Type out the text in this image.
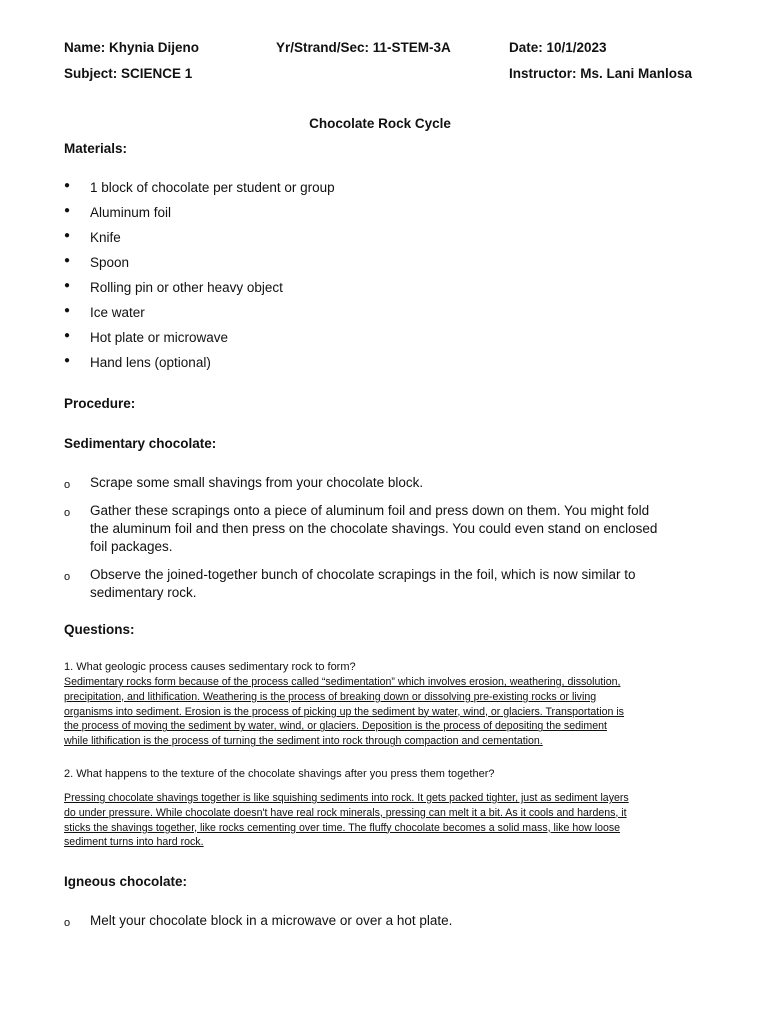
Name: Khynia Dijeno	Yr/Strand/Sec: 11-STEM-3A	Date: 10/1/2023
Subject: SCIENCE 1	Instructor: Ms. Lani Manlosa
Chocolate Rock Cycle
Materials:
● 1 block of chocolate per student or group
● Aluminum foil
● Knife
● Spoon
● Rolling pin or other heavy object
● Ice water
● Hot plate or microwave
● Hand lens (optional)
Procedure:
Sedimentary chocolate:
o Scrape some small shavings from your chocolate block.
o Gather these scrapings onto a piece of aluminum foil and press down on them. You might fold
the aluminum foil and then press on the chocolate shavings. You could even stand on enclosed
foil packages.
o Observe the joined-together bunch of chocolate scrapings in the foil, which is now similar to
sedimentary rock.
Questions:
1. What geologic process causes sedimentary rock to form?
Sedimentary rocks form because of the process called “sedimentation” which involves erosion, weathering, dissolution,
precipitation, and lithification. Weathering is the process of breaking down or dissolving pre-existing rocks or living
organisms into sediment. Erosion is the process of picking up the sediment by water, wind, or glaciers. Transportation is
the process of moving the sediment by water, wind, or glaciers. Deposition is the process of depositing the sediment
while lithification is the process of turning the sediment into rock through compaction and cementation.
2. What happens to the texture of the chocolate shavings after you press them together?
Pressing chocolate shavings together is like squishing sediments into rock. It gets packed tighter, just as sediment layers
do under pressure. While chocolate doesn't have real rock minerals, pressing can melt it a bit. As it cools and hardens, it
sticks the shavings together, like rocks cementing over time. The fluffy chocolate becomes a solid mass, like how loose
sediment turns into hard rock.
Igneous chocolate:
o Melt your chocolate block in a microwave or over a hot plate.
